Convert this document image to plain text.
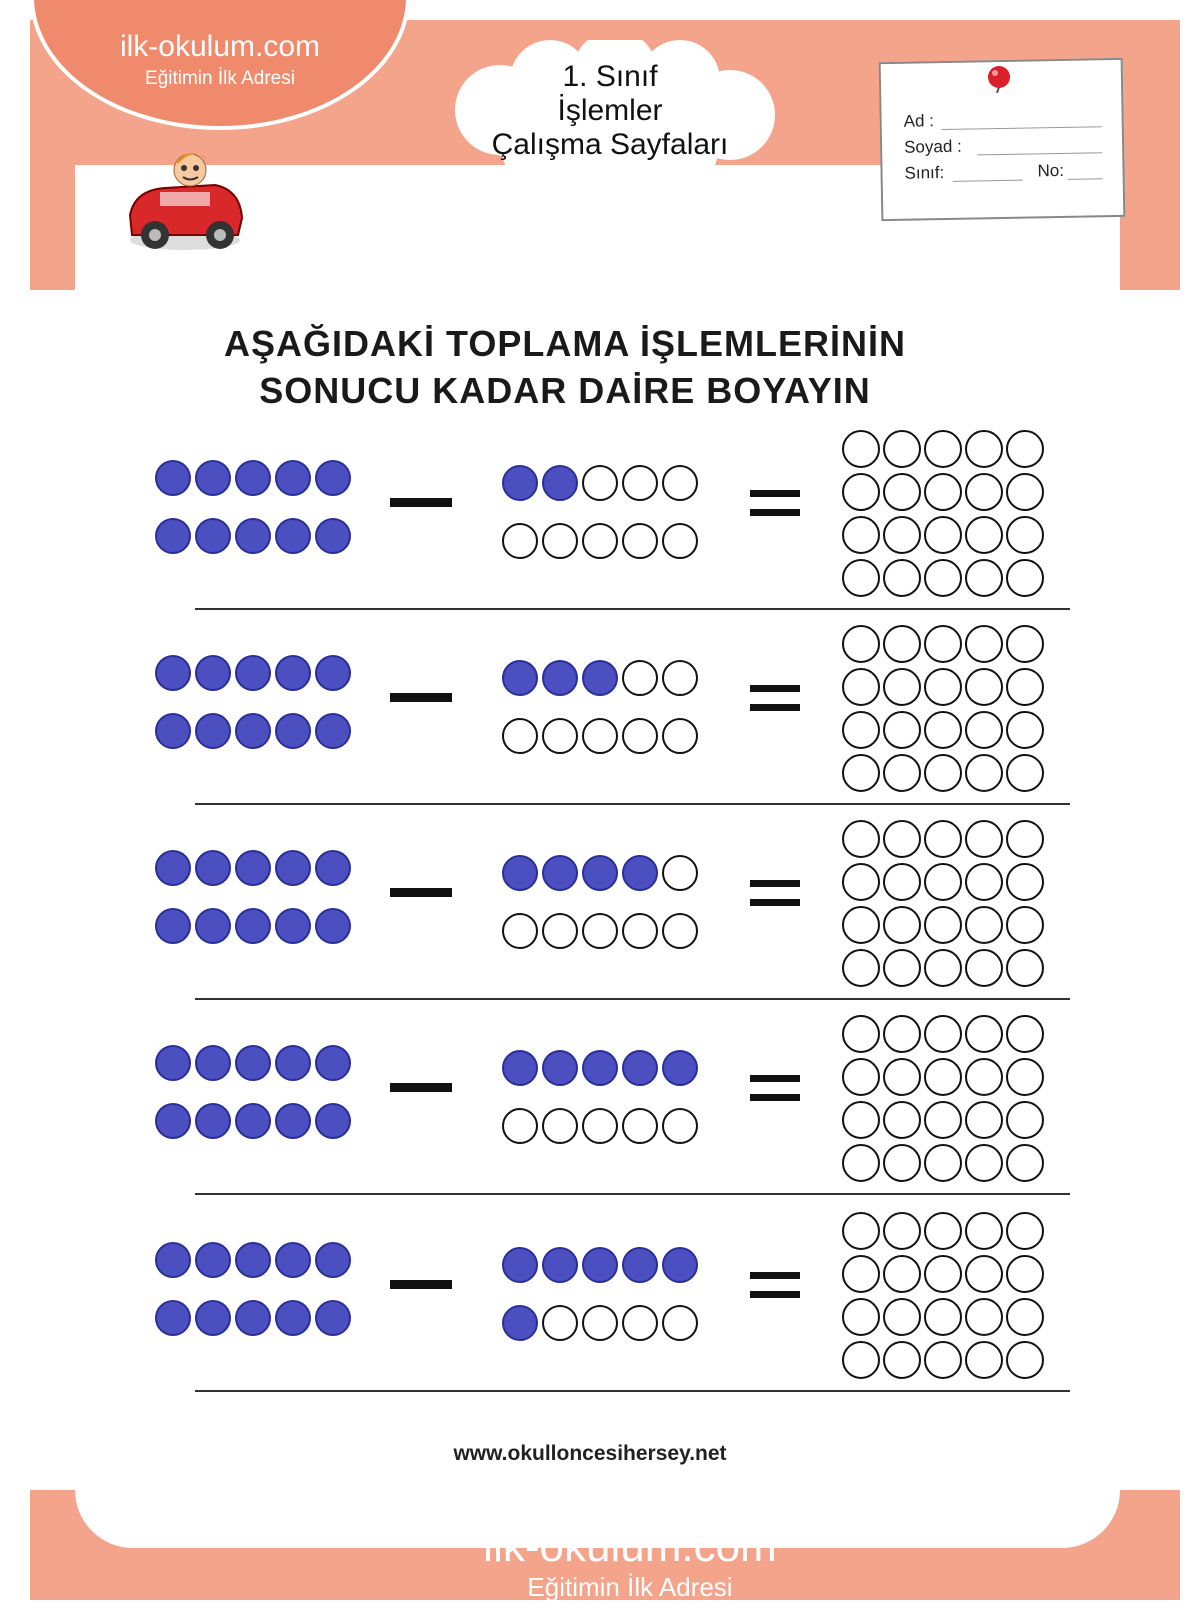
ilk-okulum.com
Eğitimin İlk Adresi	1. Sınıf
İşlemler
Çalışma Sayfaları
Ad :
Soyad :
Sınıf:	No:
AŞAĞIDAKİ TOPLAMA İŞLEMLERİNİN
SONUCU KADAR DAİRE BOYAYIN
www.okulloncesihersey.net
ilk-okulum.com
Eğitimin İlk Adresi
